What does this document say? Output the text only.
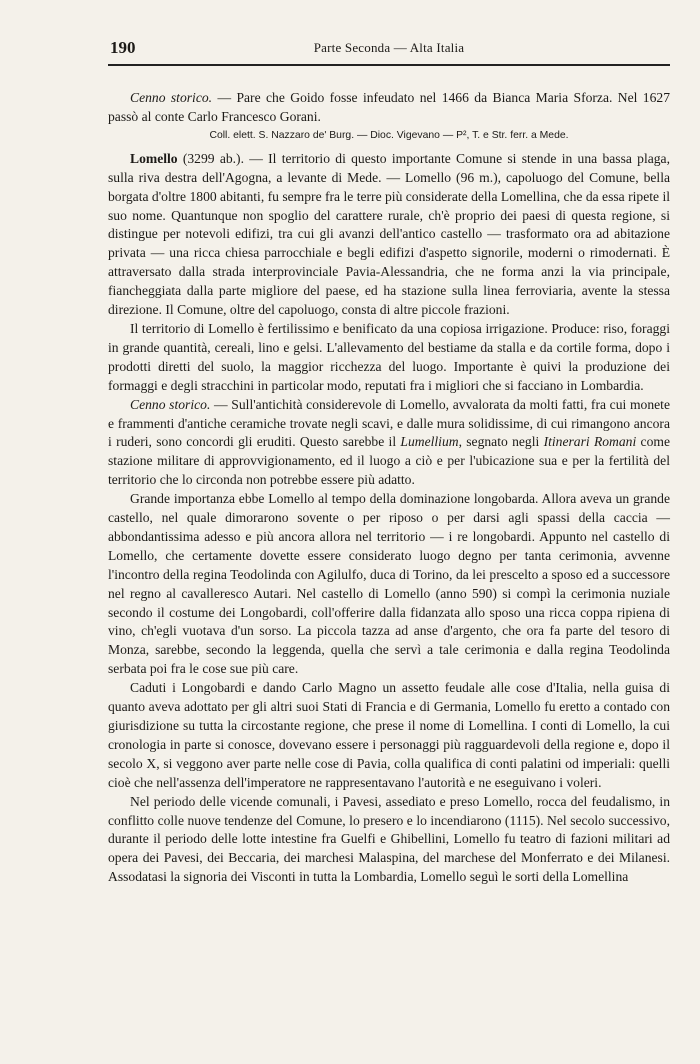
190	Parte Seconda — Alta Italia

Cenno storico. — Pare che Goido fosse infeudato nel 1466 da Bianca Maria Sforza. Nel 1627 passò al conte Carlo Francesco Gorani.

Coll. elett. S. Nazzaro de' Burg. — Dioc. Vigevano — P², T. e Str. ferr. a Mede.

Lomello (3299 ab.). — Il territorio di questo importante Comune si stende in una bassa plaga, sulla riva destra dell'Agogna, a levante di Mede. — Lomello (96 m.), capoluogo del Comune, bella borgata d'oltre 1800 abitanti, fu sempre fra le terre più considerate della Lomellina, che da essa ripete il suo nome. Quantunque non spoglio del carattere rurale, ch'è proprio dei paesi di questa regione, si distingue per notevoli edifizi, tra cui gli avanzi dell'antico castello — trasformato ora ad abitazione privata — una ricca chiesa parrocchiale e begli edifizi d'aspetto signorile, moderni o rimodernati. È attraversato dalla strada interprovinciale Pavia-Alessandria, che ne forma anzi la via principale, fiancheggiata dalla parte migliore del paese, ed ha stazione sulla linea ferroviaria, avente la stessa direzione. Il Comune, oltre del capoluogo, consta di altre piccole frazioni.

Il territorio di Lomello è fertilissimo e benificato da una copiosa irrigazione. Produce: riso, foraggi in grande quantità, cereali, lino e gelsi. L'allevamento del bestiame da stalla e da cortile forma, dopo i prodotti diretti del suolo, la maggior ricchezza del luogo. Importante è quivi la produzione dei formaggi e degli stracchini in particolar modo, reputati fra i migliori che si facciano in Lombardia.

Cenno storico. — Sull'antichità considerevole di Lomello, avvalorata da molti fatti, fra cui monete e frammenti d'antiche ceramiche trovate negli scavi, e dalle mura solidissime, di cui rimangono ancora i ruderi, sono concordi gli eruditi. Questo sarebbe il Lumellium, segnato negli Itinerari Romani come stazione militare di approvvigionamento, ed il luogo a ciò e per l'ubicazione sua e per la fertilità del territorio che lo circonda non potrebbe essere più adatto.

Grande importanza ebbe Lomello al tempo della dominazione longobarda. Allora aveva un grande castello, nel quale dimorarono sovente o per riposo o per darsi agli spassi della caccia — abbondantissima adesso e più ancora allora nel territorio — i re longobardi. Appunto nel castello di Lomello, che certamente dovette essere considerato luogo degno per tanta cerimonia, avvenne l'incontro della regina Teodolinda con Agilulfo, duca di Torino, da lei prescelto a sposo ed a successore nel regno al cavalleresco Autari. Nel castello di Lomello (anno 590) si compì la cerimonia nuziale secondo il costume dei Longobardi, coll'offerire dalla fidanzata allo sposo una ricca coppa ripiena di vino, ch'egli vuotava d'un sorso. La piccola tazza ad anse d'argento, che ora fa parte del tesoro di Monza, sarebbe, secondo la leggenda, quella che servì a tale cerimonia e dalla regina Teodolinda serbata poi fra le cose sue più care.

Caduti i Longobardi e dando Carlo Magno un assetto feudale alle cose d'Italia, nella guisa di quanto aveva adottato per gli altri suoi Stati di Francia e di Germania, Lomello fu eretto a contado con giurisdizione su tutta la circostante regione, che prese il nome di Lomellina. I conti di Lomello, la cui cronologia in parte si conosce, dovevano essere i personaggi più ragguardevoli della regione e, dopo il secolo X, si veggono aver parte nelle cose di Pavia, colla qualifica di conti palatini od imperiali: quelli cioè che nell'assenza dell'imperatore ne rappresentavano l'autorità e ne eseguivano i voleri.

Nel periodo delle vicende comunali, i Pavesi, assediato e preso Lomello, rocca del feudalismo, in conflitto colle nuove tendenze del Comune, lo presero e lo incendiarono (1115). Nel secolo successivo, durante il periodo delle lotte intestine fra Guelfi e Ghibellini, Lomello fu teatro di fazioni militari ad opera dei Pavesi, dei Beccaria, dei marchesi Malaspina, del marchese del Monferrato e dei Milanesi. Assodatasi la signoria dei Visconti in tutta la Lombardia, Lomello seguì le sorti della Lomellina
